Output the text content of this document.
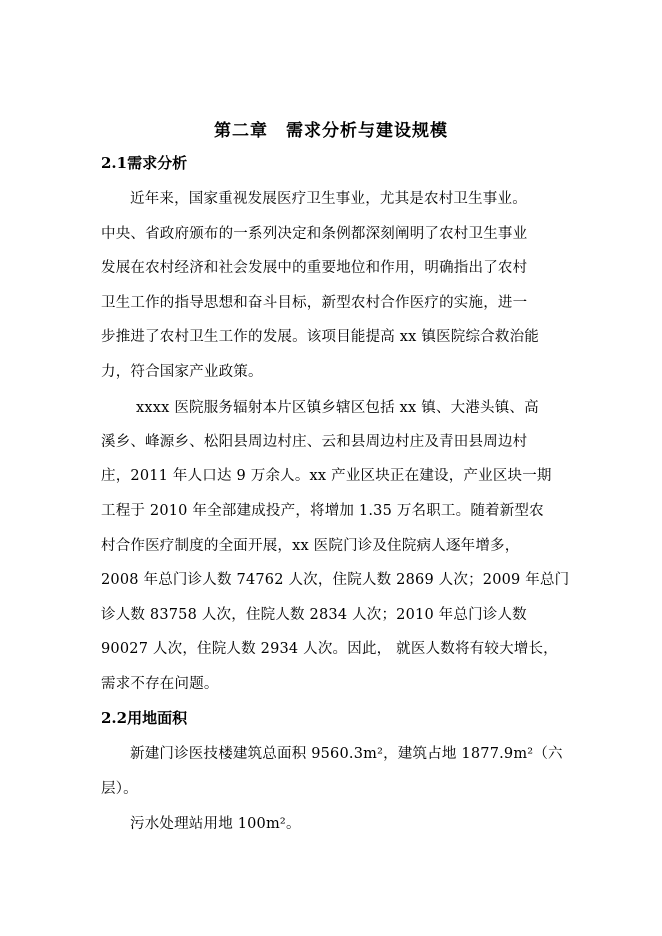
第二章 需求分析与建设规模
2.1需求分析
近年来，国家重视发展医疗卫生事业，尤其是农村卫生事业。
中央、省政府颁布的一系列决定和条例都深刻阐明了农村卫生事业
发展在农村经济和社会发展中的重要地位和作用，明确指出了农村
卫生工作的指导思想和奋斗目标，新型农村合作医疗的实施，进一
步推进了农村卫生工作的发展。该项目能提高 xx 镇医院综合救治能
力，符合国家产业政策。
xxxx 医院服务辐射本片区镇乡辖区包括 xx 镇、大港头镇、高
溪乡、峰源乡、松阳县周边村庄、云和县周边村庄及青田县周边村
庄，2011 年人口达 9 万余人。xx 产业区块正在建设，产业区块一期
工程于 2010 年全部建成投产，将增加 1.35 万名职工。随着新型农
村合作医疗制度的全面开展，xx 医院门诊及住院病人逐年增多，
2008 年总门诊人数 74762 人次，住院人数 2869 人次；2009 年总门
诊人数 83758 人次，住院人数 2834 人次；2010 年总门诊人数
90027 人次，住院人数 2934 人次。因此， 就医人数将有较大增长，
需求不存在问题。
2.2用地面积
新建门诊医技楼建筑总面积 9560.3m²，建筑占地 1877.9m²（六
层）。
污水处理站用地 100m²。
